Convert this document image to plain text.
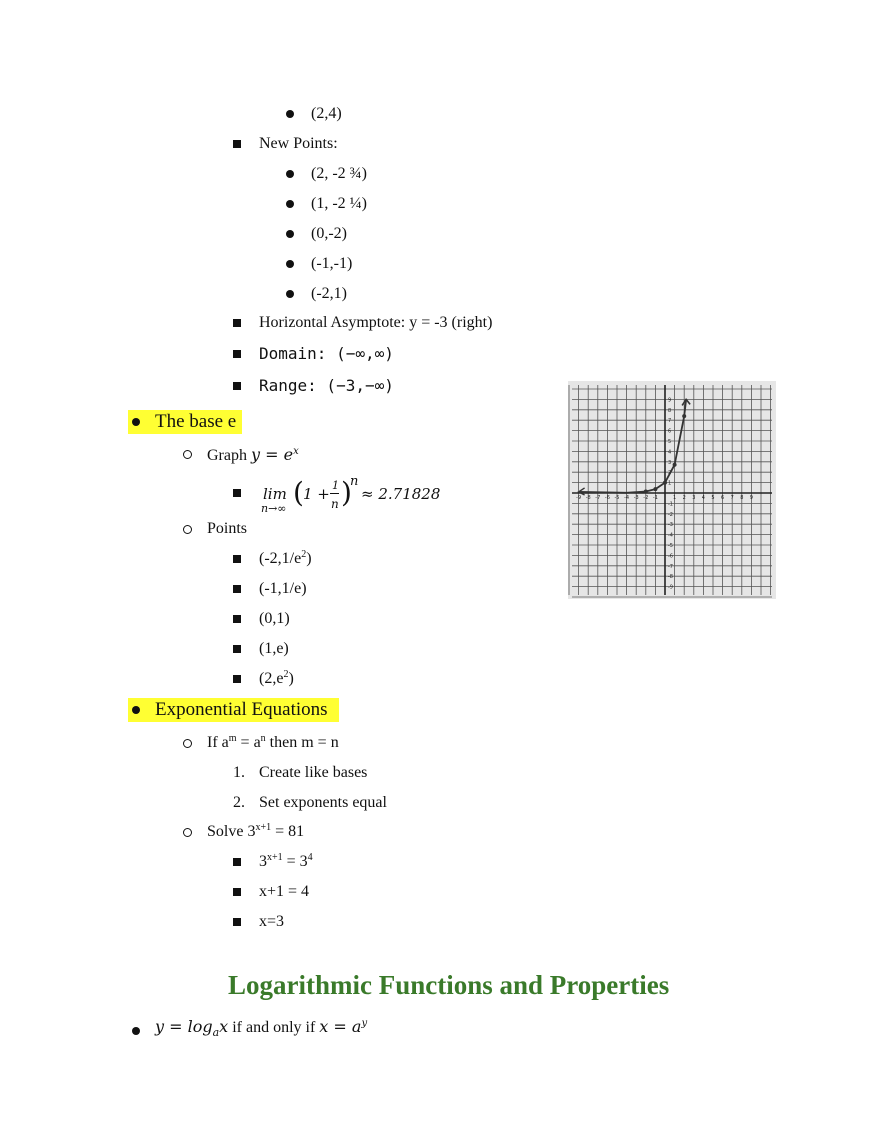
(2,4)
New Points:
(2, -2 ¾)
(1, -2 ¼)
(0,-2)
(-1,-1)
(-2,1)
Horizontal Asymptote: y = -3 (right)
Domain: (−∞,∞)
Range: (−3,−∞)
The base e
Graph $y = e^x$
lim
n→∞ ( 1 + 1
n )
n
≈ 2.71828
Points
$(-2,1/e^2)$
(-1,1/e)
(0,1)
(1,e)
$(2,e^2)$
Exponential Equations
If $a^m = a^n$ then m = n
1. Create like bases
2. Set exponents equal
Solve $3^{x+1} = 81$
$3^{x+1} = 3^4$
x+1 = 4
x=3
Logarithmic Functions and Properties
$y = \log_ax$ if and only if $x = a^y$
-9 -8 -7 -6 -5 -4 -3 -2 -1	1 2 3 4 5 6 7 8 9
9
8
7
6
5
4
3
2
1
-1
-2
-3
-4
-5
-6
-7
-8
-9
